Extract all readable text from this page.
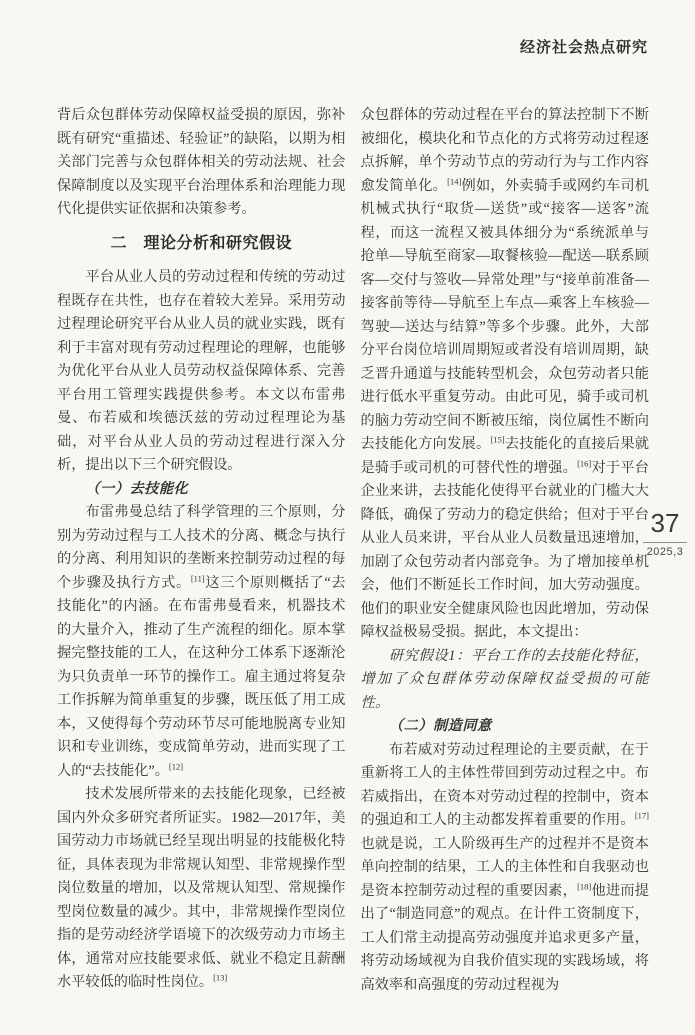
经济社会热点研究
背后众包群体劳动保障权益受损的原因，弥补既有研究“重描述、轻验证”的缺陷，以期为相关部门完善与众包群体相关的劳动法规、社会保障制度以及实现平台治理体系和治理能力现代化提供实证依据和决策参考。
二　理论分析和研究假设
平台从业人员的劳动过程和传统的劳动过程既存在共性，也存在着较大差异。采用劳动过程理论研究平台从业人员的就业实践，既有利于丰富对现有劳动过程理论的理解，也能够为优化平台从业人员劳动权益保障体系、完善平台用工管理实践提供参考。本文以布雷弗曼、布若威和埃德沃兹的劳动过程理论为基础，对平台从业人员的劳动过程进行深入分析，提出以下三个研究假设。
（一）去技能化
布雷弗曼总结了科学管理的三个原则，分别为劳动过程与工人技术的分离、概念与执行的分离、利用知识的垄断来控制劳动过程的每个步骤及执行方式。[11]这三个原则概括了“去技能化”的内涵。在布雷弗曼看来，机器技术的大量介入，推动了生产流程的细化。原本掌握完整技能的工人，在这种分工体系下逐渐沦为只负责单一环节的操作工。雇主通过将复杂工作拆解为简单重复的步骤，既压低了用工成本，又使得每个劳动环节尽可能地脱离专业知识和专业训练，变成简单劳动，进而实现了工人的“去技能化”。[12]
技术发展所带来的去技能化现象，已经被国内外众多研究者所证实。1982—2017年，美国劳动力市场就已经呈现出明显的技能极化特征，具体表现为非常规认知型、非常规操作型岗位数量的增加，以及常规认知型、常规操作型岗位数量的减少。其中，非常规操作型岗位指的是劳动经济学语境下的次级劳动力市场主体，通常对应技能要求低、就业不稳定且薪酬水平较低的临时性岗位。[13]
众包群体的劳动过程在平台的算法控制下不断被细化，模块化和节点化的方式将劳动过程逐点拆解，单个劳动节点的劳动行为与工作内容愈发简单化。[14]例如，外卖骑手或网约车司机机械式执行“取货—送货”或“接客—送客”流程，而这一流程又被具体细分为“系统派单与抢单—导航至商家—取餐核验—配送—联系顾客—交付与签收—异常处理”与“接单前准备—接客前等待—导航至上车点—乘客上车核验—驾驶—送达与结算”等多个步骤。此外，大部分平台岗位培训周期短或者没有培训周期，缺乏晋升通道与技能转型机会，众包劳动者只能进行低水平重复劳动。由此可见，骑手或司机的脑力劳动空间不断被压缩，岗位属性不断向去技能化方向发展。[15]去技能化的直接后果就是骑手或司机的可替代性的增强。[16]对于平台企业来讲，去技能化使得平台就业的门槛大大降低，确保了劳动力的稳定供给；但对于平台从业人员来讲，平台从业人员数量迅速增加，加剧了众包劳动者内部竞争。为了增加接单机会，他们不断延长工作时间，加大劳动强度。他们的职业安全健康风险也因此增加，劳动保障权益极易受损。据此，本文提出：
研究假设1：平台工作的去技能化特征，增加了众包群体劳动保障权益受损的可能性。
（二）制造同意
布若威对劳动过程理论的主要贡献，在于重新将工人的主体性带回到劳动过程之中。布若威指出，在资本对劳动过程的控制中，资本的强迫和工人的主动都发挥着重要的作用。[17]也就是说，工人阶级再生产的过程并不是资本单向控制的结果，工人的主体性和自我驱动也是资本控制劳动过程的重要因素，[18]他进而提出了“制造同意”的观点。在计件工资制度下，工人们常主动提高劳动强度并追求更多产量，将劳动场域视为自我价值实现的实践场域，将高效率和高强度的劳动过程视为
37
2025,3
